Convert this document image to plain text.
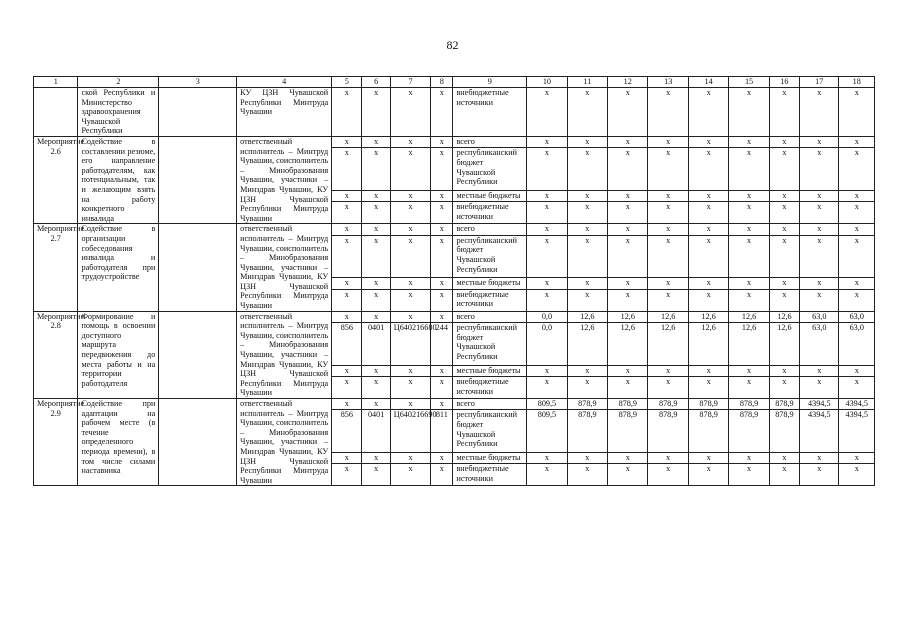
82
1	2	3	4	5	6	7	8	9	10	11	12	13	14	15	16	17	18
	ской Республики и Министерство здравоохранения Чувашской Республики		КУ ЦЗН Чувашской Республики Минтруда Чувашии	x	x	x	x	внебюджетные источники	x	x	x	x	x	x	x	x	x
Мероприятие 2.6	Содействие в составлении резюме, его направление работодателям, как потенциальным, так и желающим взять на работу конкретного инвалида		ответственный исполнитель – Минтруд Чувашии, соисполнитель – Минобразования Чувашии, участники – Минздрав Чувашии, КУ ЦЗН Чувашской Республики Минтруда Чувашии	x	x	x	x	всего	x	x	x	x	x	x	x	x	x
				x	x	x	x	республиканский бюджет Чувашской Республики	x	x	x	x	x	x	x	x	x
				x	x	x	x	местные бюджеты	x	x	x	x	x	x	x	x	x
				x	x	x	x	внебюджетные источники	x	x	x	x	x	x	x	x	x
Мероприятие 2.7	Содействие в организации собеседования инвалида и работодателя при трудоустройстве		ответственный исполнитель – Минтруд Чувашии, соисполнитель – Минобразования Чувашии, участники – Минздрав Чувашии, КУ ЦЗН Чувашской Республики Минтруда Чувашии	x	x	x	x	всего	x	x	x	x	x	x	x	x	x
				x	x	x	x	республиканский бюджет Чувашской Республики	x	x	x	x	x	x	x	x	x
				x	x	x	x	местные бюджеты	x	x	x	x	x	x	x	x	x
				x	x	x	x	внебюджетные источники	x	x	x	x	x	x	x	x	x
Мероприятие 2.8	Формирование и помощь в освоении доступного маршрута передвижения до места работы и на территории работодателя		ответственный исполнитель – Минтруд Чувашии, соисполнитель – Минобразования Чувашии, участники – Минздрав Чувашии, КУ ЦЗН Чувашской Республики Минтруда Чувашии	x	x	x	x	всего	0,0	12,6	12,6	12,6	12,6	12,6	12,6	63,0	63,0
				856	0401	Ц640216680	244	республиканский бюджет Чувашской Республики	0,0	12,6	12,6	12,6	12,6	12,6	12,6	63,0	63,0
				x	x	x	x	местные бюджеты	x	x	x	x	x	x	x	x	x
				x	x	x	x	внебюджетные источники	x	x	x	x	x	x	x	x	x
Мероприятие 2.9	Содействие при адаптации на рабочем месте (в течение определенного периода времени), в том числе силами наставника		ответственный исполнитель – Минтруд Чувашии, соисполнитель – Минобразования Чувашии, участники – Минздрав Чувашии, КУ ЦЗН Чувашской Республики Минтруда Чувашии	x	x	x	x	всего	809,5	878,9	878,9	878,9	878,9	878,9	878,9	4394,5	4394,5
				856	0401	Ц640216690	811	республиканский бюджет Чувашской Республики	809,5	878,9	878,9	878,9	878,9	878,9	878,9	4394,5	4394,5
				x	x	x	x	местные бюджеты	x	x	x	x	x	x	x	x	x
				x	x	x	x	внебюджетные источники	x	x	x	x	x	x	x	x	x
